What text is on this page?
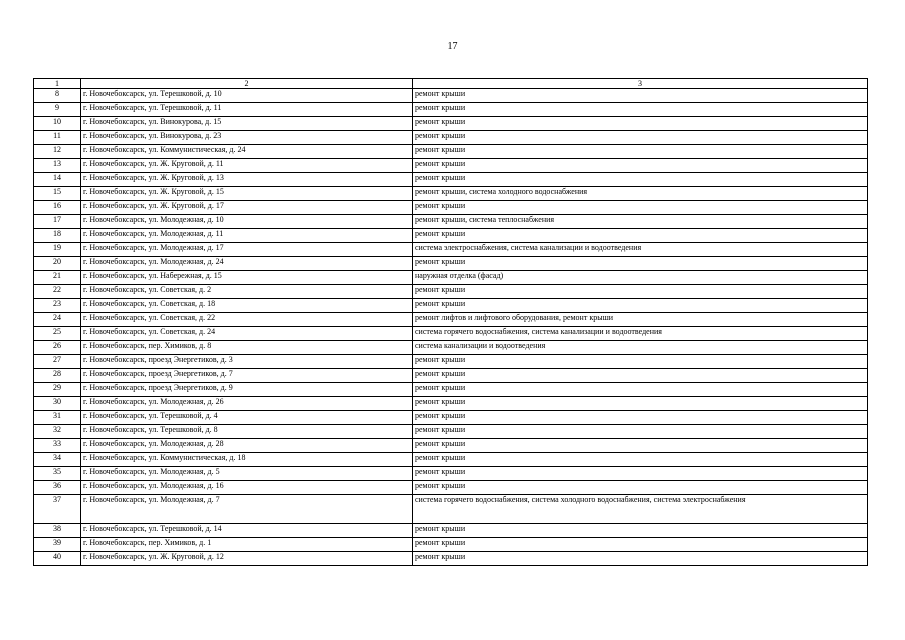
17
1	2	3
8	г. Новочебоксарск, ул. Терешковой, д. 10	ремонт крыши
9	г. Новочебоксарск, ул. Терешковой, д. 11	ремонт крыши
10	г. Новочебоксарск, ул. Винокурова, д. 15	ремонт крыши
11	г. Новочебоксарск, ул. Винокурова, д. 23	ремонт крыши
12	г. Новочебоксарск, ул. Коммунистическая, д. 24	ремонт крыши
13	г. Новочебоксарск, ул. Ж. Круговой, д. 11	ремонт крыши
14	г. Новочебоксарск, ул. Ж. Круговой, д. 13	ремонт крыши
15	г. Новочебоксарск, ул. Ж. Круговой, д. 15	ремонт крыши, система холодного водоснабжения
16	г. Новочебоксарск, ул. Ж. Круговой, д. 17	ремонт крыши
17	г. Новочебоксарск, ул. Молодежная, д. 10	ремонт крыши, система теплоснабжения
18	г. Новочебоксарск, ул. Молодежная, д. 11	ремонт крыши
19	г. Новочебоксарск, ул. Молодежная, д. 17	система электроснабжения, система канализации и водоотведения
20	г. Новочебоксарск, ул. Молодежная, д. 24	ремонт крыши
21	г. Новочебоксарск, ул. Набережная, д. 15	наружная отделка (фасад)
22	г. Новочебоксарск, ул. Советская, д. 2	ремонт крыши
23	г. Новочебоксарск, ул. Советская, д. 18	ремонт крыши
24	г. Новочебоксарск, ул. Советская, д. 22	ремонт лифтов и лифтового оборудования, ремонт крыши
25	г. Новочебоксарск, ул. Советская, д. 24	система горячего водоснабжения, система канализации и водоотведения
26	г. Новочебоксарск, пер. Химиков, д. 8	система канализации и водоотведения
27	г. Новочебоксарск, проезд Энергетиков, д. 3	ремонт крыши
28	г. Новочебоксарск, проезд Энергетиков, д. 7	ремонт крыши
29	г. Новочебоксарск, проезд Энергетиков, д. 9	ремонт крыши
30	г. Новочебоксарск, ул. Молодежная, д. 26	ремонт крыши
31	г. Новочебоксарск, ул. Терешковой, д. 4	ремонт крыши
32	г. Новочебоксарск, ул. Терешковой, д. 8	ремонт крыши
33	г. Новочебоксарск, ул. Молодежная, д. 28	ремонт крыши
34	г. Новочебоксарск, ул. Коммунистическая, д. 18	ремонт крыши
35	г. Новочебоксарск, ул. Молодежная, д. 5	ремонт крыши
36	г. Новочебоксарск, ул. Молодежная, д. 16	ремонт крыши
37	г. Новочебоксарск, ул. Молодежная, д. 7	система горячего водоснабжения, система холодного водоснабжения, система электроснабжения
38	г. Новочебоксарск, ул. Терешковой, д. 14	ремонт крыши
39	г. Новочебоксарск, пер. Химиков, д. 1	ремонт крыши
40	г. Новочебоксарск, ул. Ж. Круговой, д. 12	ремонт крыши
